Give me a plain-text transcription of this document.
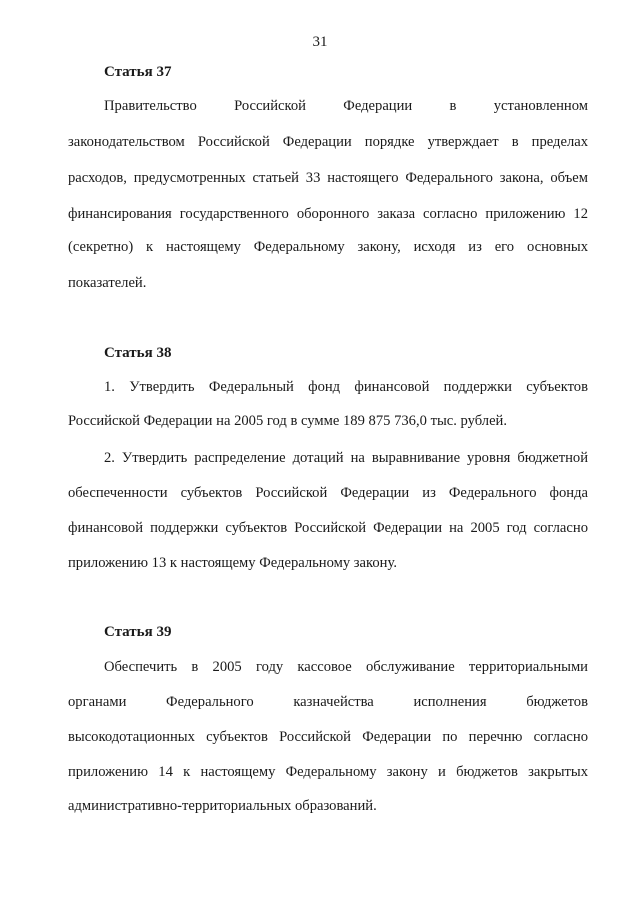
31
Статья 37
Правительство Российской Федерации в установленном
законодательством Российской Федерации порядке утверждает в пределах
расходов, предусмотренных статьей 33 настоящего Федерального закона, объем
финансирования государственного оборонного заказа согласно приложению 12
(секретно) к настоящему Федеральному закону, исходя из его основных
показателей.
Статья 38
1. Утвердить Федеральный фонд финансовой поддержки субъектов
Российской Федерации на 2005 год в сумме 189 875 736,0 тыс. рублей.
2. Утвердить распределение дотаций на выравнивание уровня бюджетной
обеспеченности субъектов Российской Федерации из Федерального фонда
финансовой поддержки субъектов Российской Федерации на 2005 год согласно
приложению 13 к настоящему Федеральному закону.
Статья 39
Обеспечить в 2005 году кассовое обслуживание территориальными
органами Федерального казначейства исполнения бюджетов
высокодотационных субъектов Российской Федерации по перечню согласно
приложению 14 к настоящему Федеральному закону и бюджетов закрытых
административно-территориальных образований.
